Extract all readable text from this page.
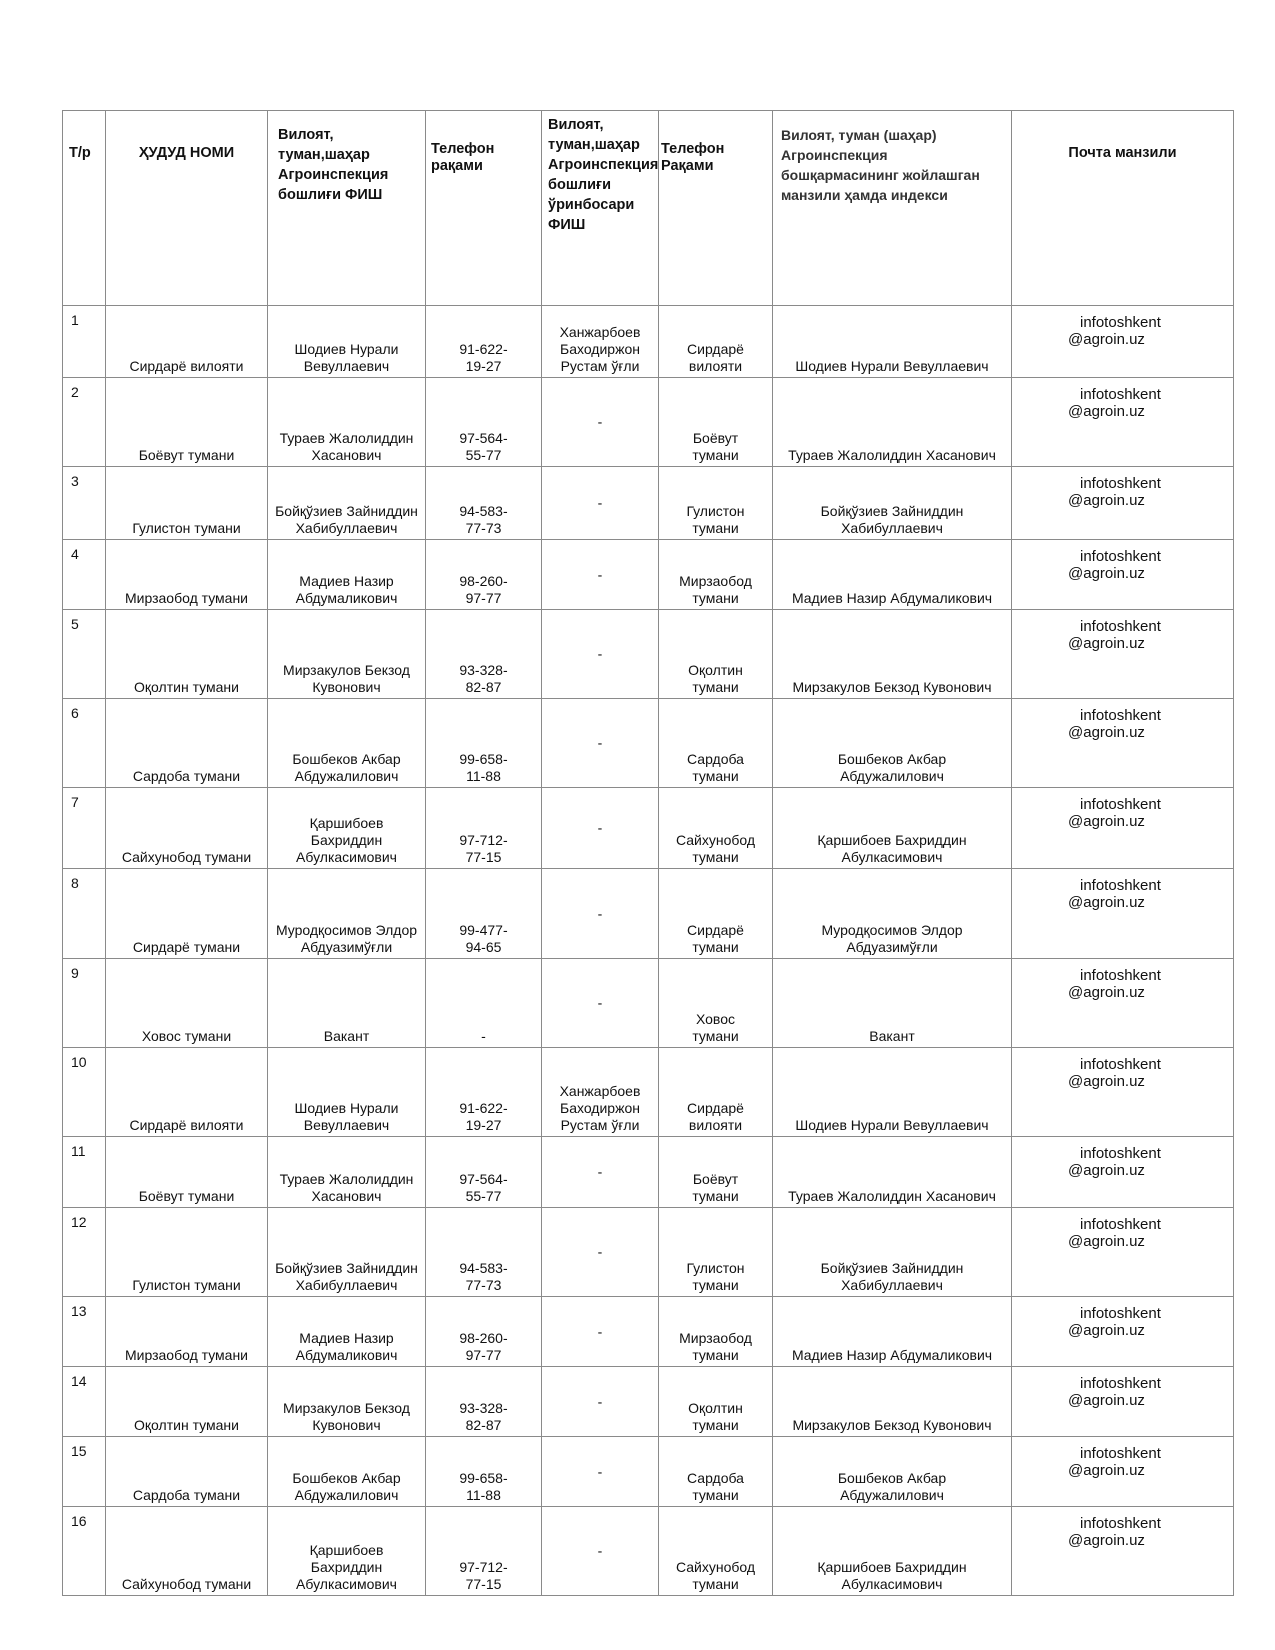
Т/р	ҲУДУД НОМИ	Вилоят, туман,шаҳар Агроинспекция бошлиғи ФИШ	Телефон рақами	Вилоят, туман,шаҳар Агроинспекция бошлиғи ўринбосари ФИШ	Телефон Рақами	Вилоят, туман (шаҳар) Агроинспекция бошқармасининг жойлашган манзили ҳамда индекси	Почта манзили

1	Сирдарё вилояти	Шодиев Нурали Вевуллаевич	91-622-19-27	Ханжарбоев Баходиржон Рустам ўғли	Сирдарё вилояти	Шодиев Нурали Вевуллаевич	infotoshkent
@agroin.uz

2	Боёвут тумани	Тураев Жалолиддин Хасанович	97-564-55-77	-	Боёвут тумани	Тураев Жалолиддин Хасанович	infotoshkent
@agroin.uz

3	Гулистон тумани	Бойқўзиев Зайниддин Хабибуллаевич	94-583-77-73	-	Гулистон тумани	Бойқўзиев Зайниддин Хабибуллаевич	infotoshkent
@agroin.uz

4	Мирзаобод тумани	Мадиев Назир Абдумаликович	98-260-97-77	-	Мирзаобод тумани	Мадиев Назир Абдумаликович	infotoshkent
@agroin.uz

5	Оқолтин тумани	Мирзакулов Бекзод Кувонович	93-328-82-87	-	Оқолтин тумани	Мирзакулов Бекзод Кувонович	infotoshkent
@agroin.uz

6	Сардоба тумани	Бошбеков Акбар Абдужалилович	99-658-11-88	-	Сардоба тумани	Бошбеков Акбар Абдужалилович	infotoshkent
@agroin.uz

7	Сайхунобод тумани	Қаршибоев Бахриддин Абулкасимович	97-712-77-15	-	Сайхунобод тумани	Қаршибоев Бахриддин Абулкасимович	infotoshkent
@agroin.uz

8	Сирдарё тумани	Муродқосимов Элдор Абдуазимўғли	99-477-94-65	-	Сирдарё тумани	Муродқосимов Элдор Абдуазимўғли	infotoshkent
@agroin.uz

9	Ховос тумани	Вакант	-	-	Ховос тумани	Вакант	infotoshkent
@agroin.uz

10	Сирдарё вилояти	Шодиев Нурали Вевуллаевич	91-622-19-27	Ханжарбоев Баходиржон Рустам ўғли	Сирдарё вилояти	Шодиев Нурали Вевуллаевич	infotoshkent
@agroin.uz

11	Боёвут тумани	Тураев Жалолиддин Хасанович	97-564-55-77	-	Боёвут тумани	Тураев Жалолиддин Хасанович	infotoshkent
@agroin.uz

12	Гулистон тумани	Бойқўзиев Зайниддин Хабибуллаевич	94-583-77-73	-	Гулистон тумани	Бойқўзиев Зайниддин Хабибуллаевич	infotoshkent
@agroin.uz

13	Мирзаобод тумани	Мадиев Назир Абдумаликович	98-260-97-77	-	Мирзаобод тумани	Мадиев Назир Абдумаликович	infotoshkent
@agroin.uz

14	Оқолтин тумани	Мирзакулов Бекзод Кувонович	93-328-82-87	-	Оқолтин тумани	Мирзакулов Бекзод Кувонович	infotoshkent
@agroin.uz

15	Сардоба тумани	Бошбеков Акбар Абдужалилович	99-658-11-88	-	Сардоба тумани	Бошбеков Акбар Абдужалилович	infotoshkent
@agroin.uz

16	Сайхунобод тумани	Қаршибоев Бахриддин Абулкасимович	97-712-77-15	-	Сайхунобод тумани	Қаршибоев Бахриддин Абулкасимович	infotoshkent
@agroin.uz
